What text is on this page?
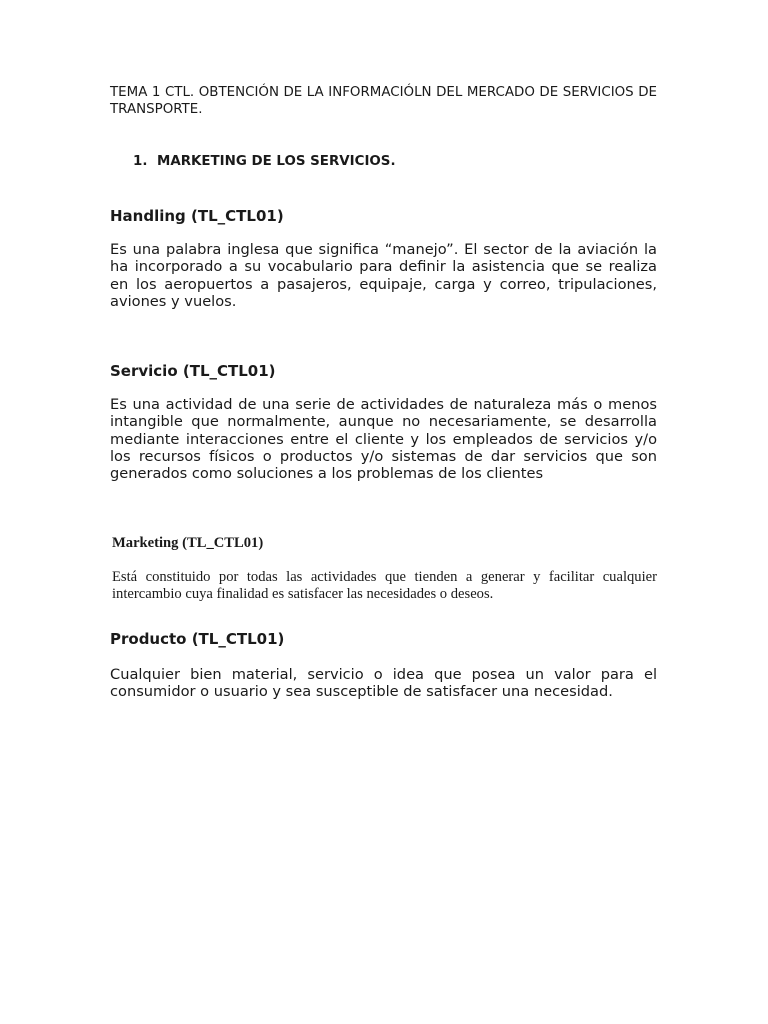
TEMA 1 CTL. OBTENCIÓN DE LA INFORMACIÓLN DEL MERCADO DE SERVICIOS DE TRANSPORTE.

1. MARKETING DE LOS SERVICIOS.

Handling (TL_CTL01)

Es una palabra inglesa que significa “manejo”. El sector de la aviación la ha incorporado a su vocabulario para definir la asistencia que se realiza en los aeropuertos a pasajeros, equipaje, carga y correo, tripulaciones, aviones y vuelos.

Servicio (TL_CTL01)

Es una actividad de una serie de actividades de naturaleza más o menos intangible que normalmente, aunque no necesariamente, se desarrolla mediante interacciones entre el cliente y los empleados de servicios y/o los recursos físicos o productos y/o sistemas de dar servicios que son generados como soluciones a los problemas de los clientes

Marketing (TL_CTL01)

Está constituido por todas las actividades que tienden a generar y facilitar cualquier intercambio cuya finalidad es satisfacer las necesidades o deseos.

Producto (TL_CTL01)

Cualquier bien material, servicio o idea que posea un valor para el consumidor o usuario y sea susceptible de satisfacer una necesidad.
